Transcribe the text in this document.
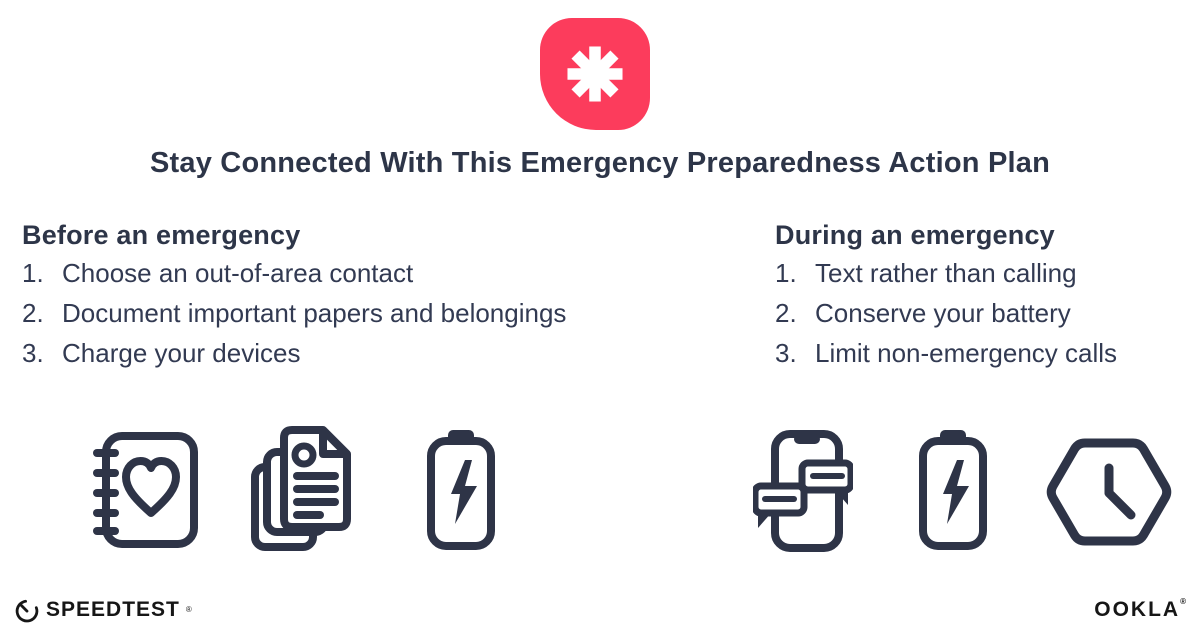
Stay Connected With This Emergency Preparedness Action Plan
Before an emergency
1. Choose an out-of-area contact
2. Document important papers and belongings
3. Charge your devices
During an emergency
1. Text rather than calling
2. Conserve your battery
3. Limit non-emergency calls
SPEEDTEST ®	OOKLA®
